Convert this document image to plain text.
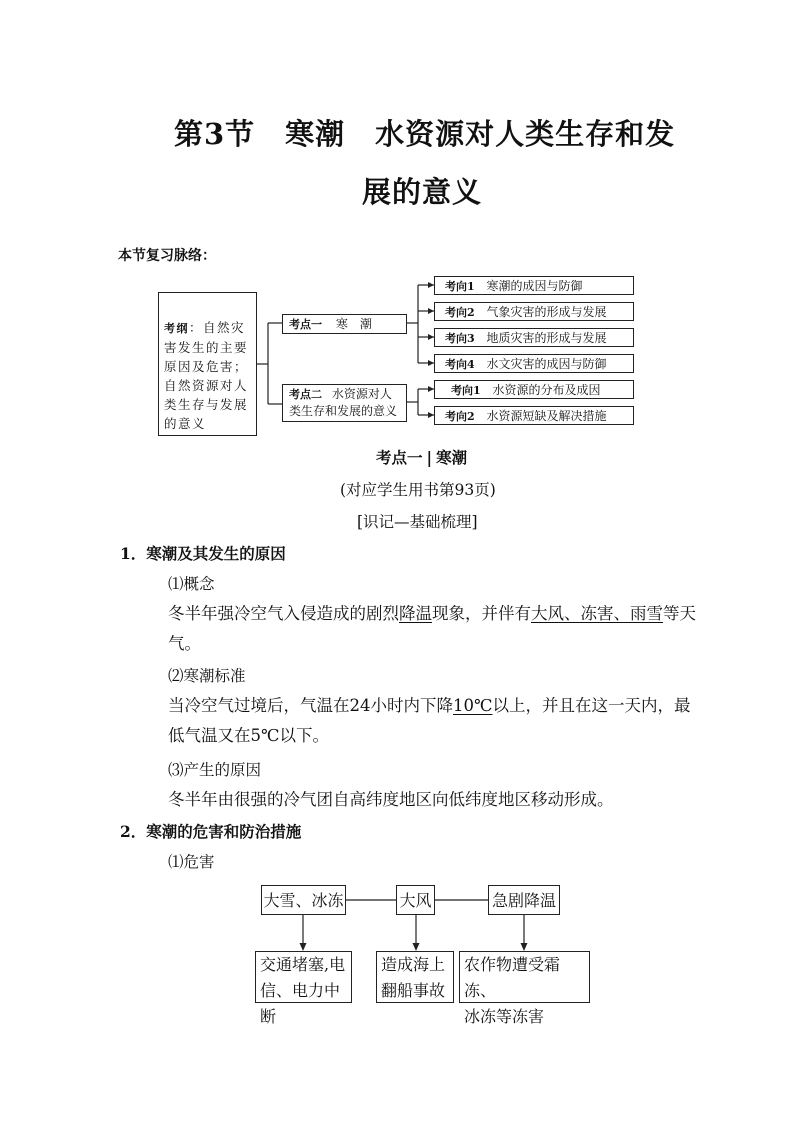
第3节　寒潮　水资源对人类生存和发
展的意义
本节复习脉络：
考纲：自然灾害发生的主要原因及危害；自然资源对人类生存与发展的意义
考点一 寒　潮
考点二 水资源对人类生存和发展的意义
考向1 寒潮的成因与防御
考向2 气象灾害的形成与发展
考向3 地质灾害的形成与发展
考向4 水文灾害的成因与防御
考向1 水资源的分布及成因
考向2 水资源短缺及解决措施
考点一 | 寒潮
(对应学生用书第93页)
[识记—基础梳理]
1．寒潮及其发生的原因
⑴概念
冬半年强冷空气入侵造成的剧烈降温现象，并伴有大风、冻害、雨雪等天
气。
⑵寒潮标准
当冷空气过境后，气温在24小时内下降10℃以上，并且在这一天内，最
低气温又在5℃以下。
⑶产生的原因
冬半年由很强的冷气团自高纬度地区向低纬度地区移动形成。
2．寒潮的危害和防治措施
⑴危害
大雪、冰冻	大风	急剧降温
交通堵塞,电
信、电力中断
造成海上
翻船事故
农作物遭受霜冻、
冰冻等冻害
